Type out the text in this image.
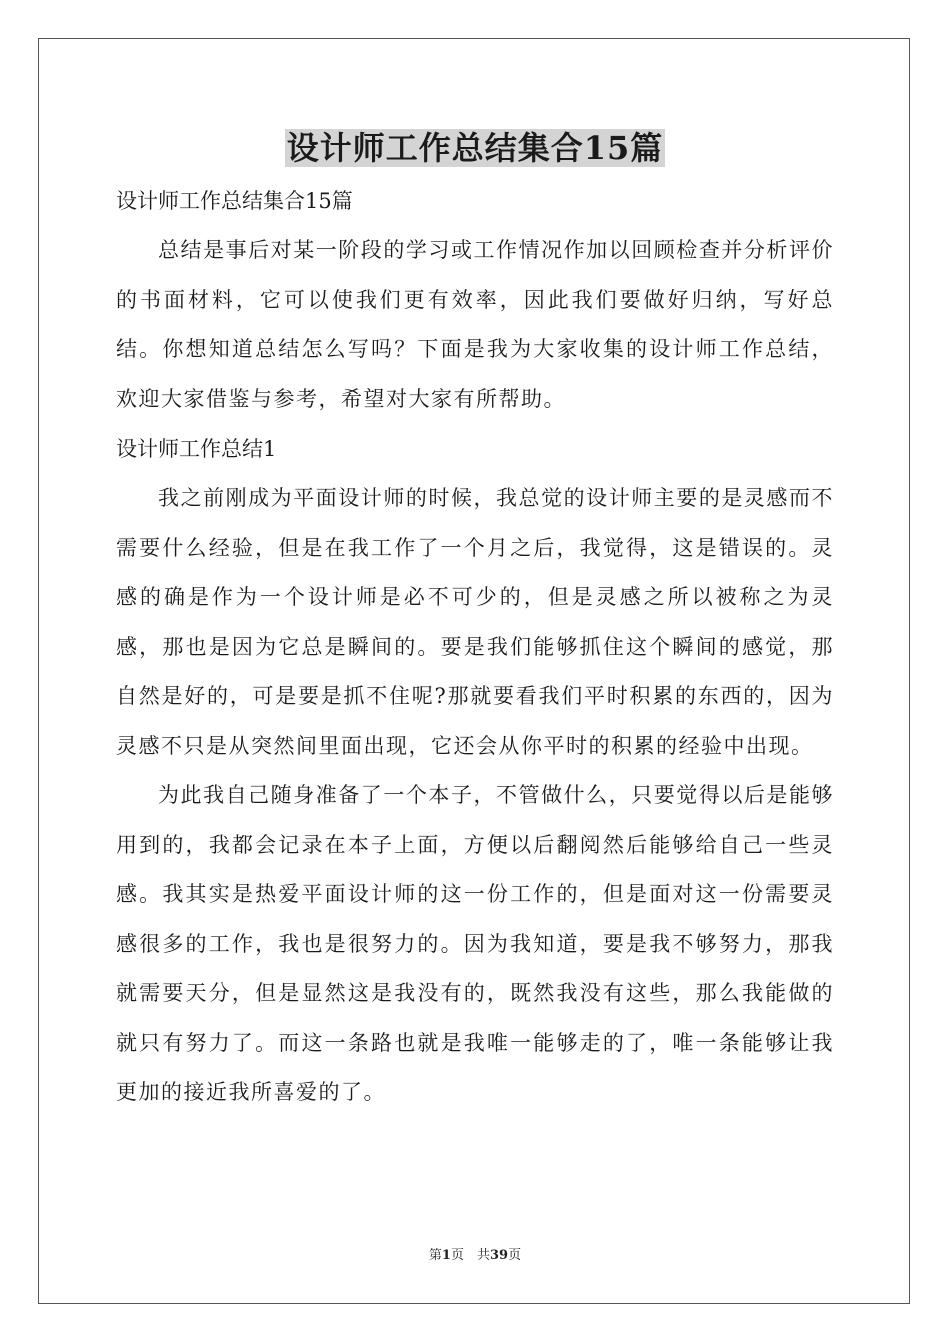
设计师工作总结集合15篇

设计师工作总结集合15篇

总结是事后对某一阶段的学习或工作情况作加以回顾检查并分析评价的书面材料，它可以使我们更有效率，因此我们要做好归纳，写好总结。你想知道总结怎么写吗？下面是我为大家收集的设计师工作总结，欢迎大家借鉴与参考，希望对大家有所帮助。

设计师工作总结1

我之前刚成为平面设计师的时候，我总觉的设计师主要的是灵感而不需要什么经验，但是在我工作了一个月之后，我觉得，这是错误的。灵感的确是作为一个设计师是必不可少的，但是灵感之所以被称之为灵感，那也是因为它总是瞬间的。要是我们能够抓住这个瞬间的感觉，那自然是好的，可是要是抓不住呢?那就要看我们平时积累的东西的，因为灵感不只是从突然间里面出现，它还会从你平时的积累的经验中出现。

为此我自己随身准备了一个本子，不管做什么，只要觉得以后是能够用到的，我都会记录在本子上面，方便以后翻阅然后能够给自己一些灵感。我其实是热爱平面设计师的这一份工作的，但是面对这一份需要灵感很多的工作，我也是很努力的。因为我知道，要是我不够努力，那我就需要天分，但是显然这是我没有的，既然我没有这些，那么我能做的就只有努力了。而这一条路也就是我唯一能够走的了，唯一条能够让我更加的接近我所喜爱的了。

第1页　共39页
